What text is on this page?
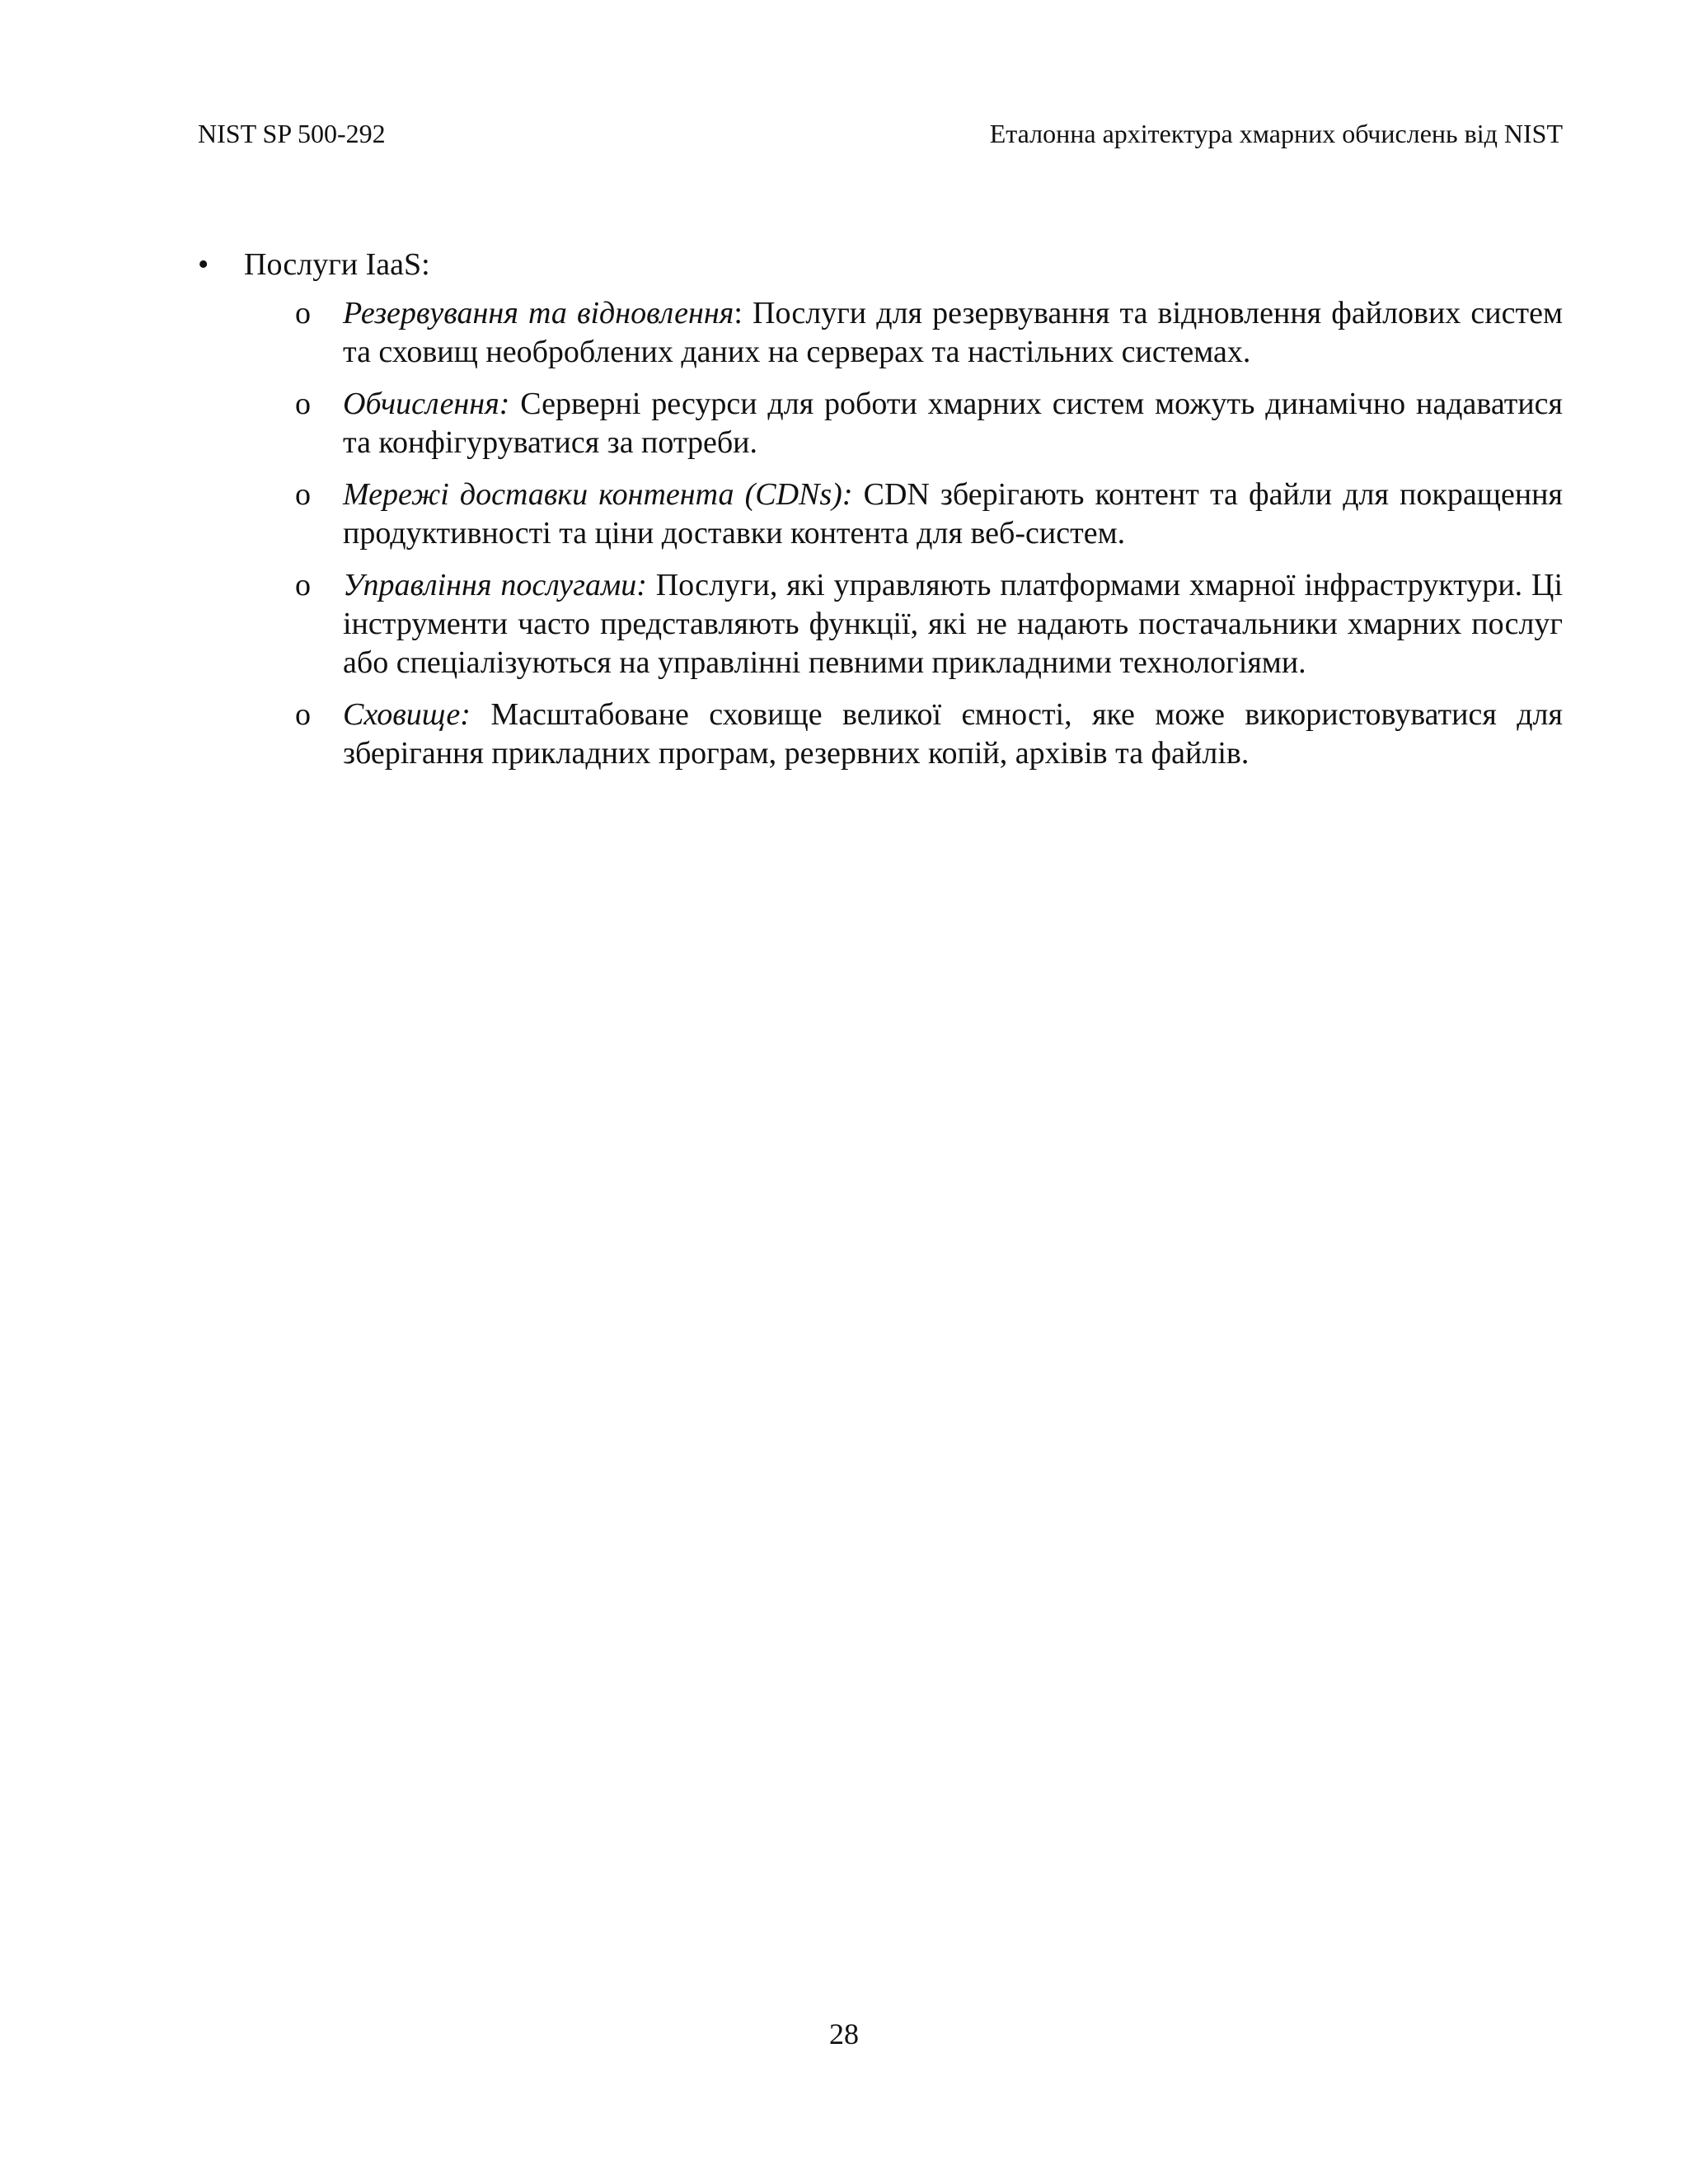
NIST SP 500-292	Еталонна архітектура хмарних обчислень від NIST
•	Послуги IaaS:
o Резервування та відновлення: Послуги для резервування та відновлення файлових систем та сховищ необроблених даних на серверах та настільних системах.
o Обчислення: Серверні ресурси для роботи хмарних систем можуть динамічно надаватися та конфігуруватися за потреби.
o Мережі доставки контента (CDNs): CDN зберігають контент та файли для покращення продуктивності та ціни доставки контента для веб-систем.
o Управління послугами: Послуги, які управляють платформами хмарної інфраструктури. Ці інструменти часто представляють функції, які не надають постачальники хмарних послуг або спеціалізуються на управлінні певними прикладними технологіями.
o Сховище: Масштабоване сховище великої ємності, яке може використовуватися для зберігання прикладних програм, резервних копій, архівів та файлів.
28
